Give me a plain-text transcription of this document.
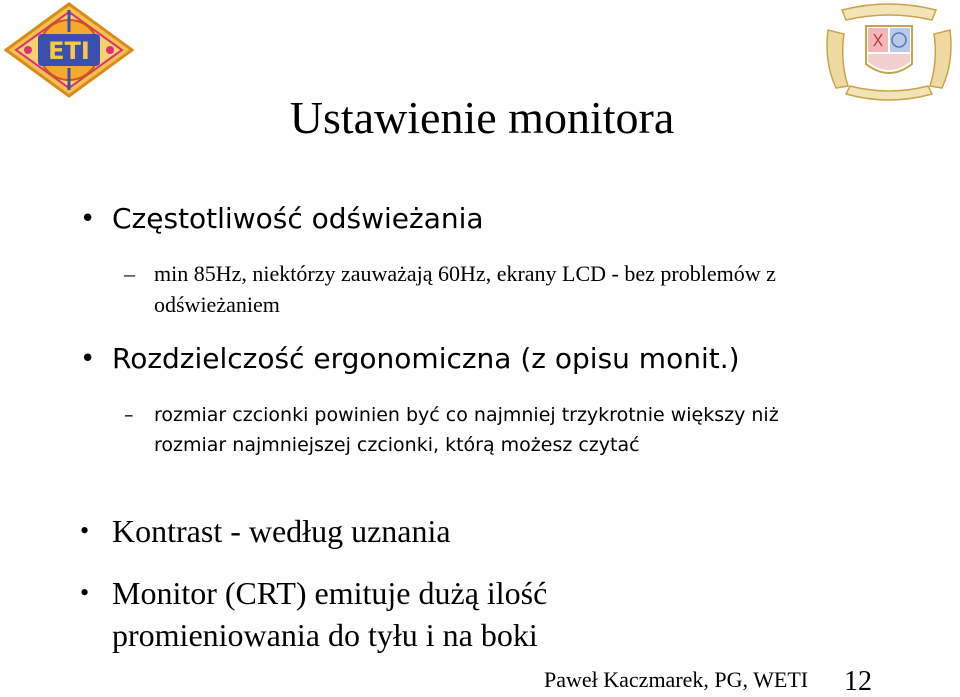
ETI
Ustawienie monitora
• Częstotliwość odświeżania
– min 85Hz, niektórzy zauważają 60Hz, ekrany LCD - bez problemów z odświeżaniem
• Rozdzielczość ergonomiczna (z opisu monit.)
–	rozmiar czcionki powinien być co najmniej trzykrotnie większy niż rozmiar najmniejszej czcionki, którą możesz czytać
• Kontrast - według uznania
• Monitor (CRT) emituje dużą ilość promieniowania do tyłu i na boki
Paweł Kaczmarek, PG, WETI 12
